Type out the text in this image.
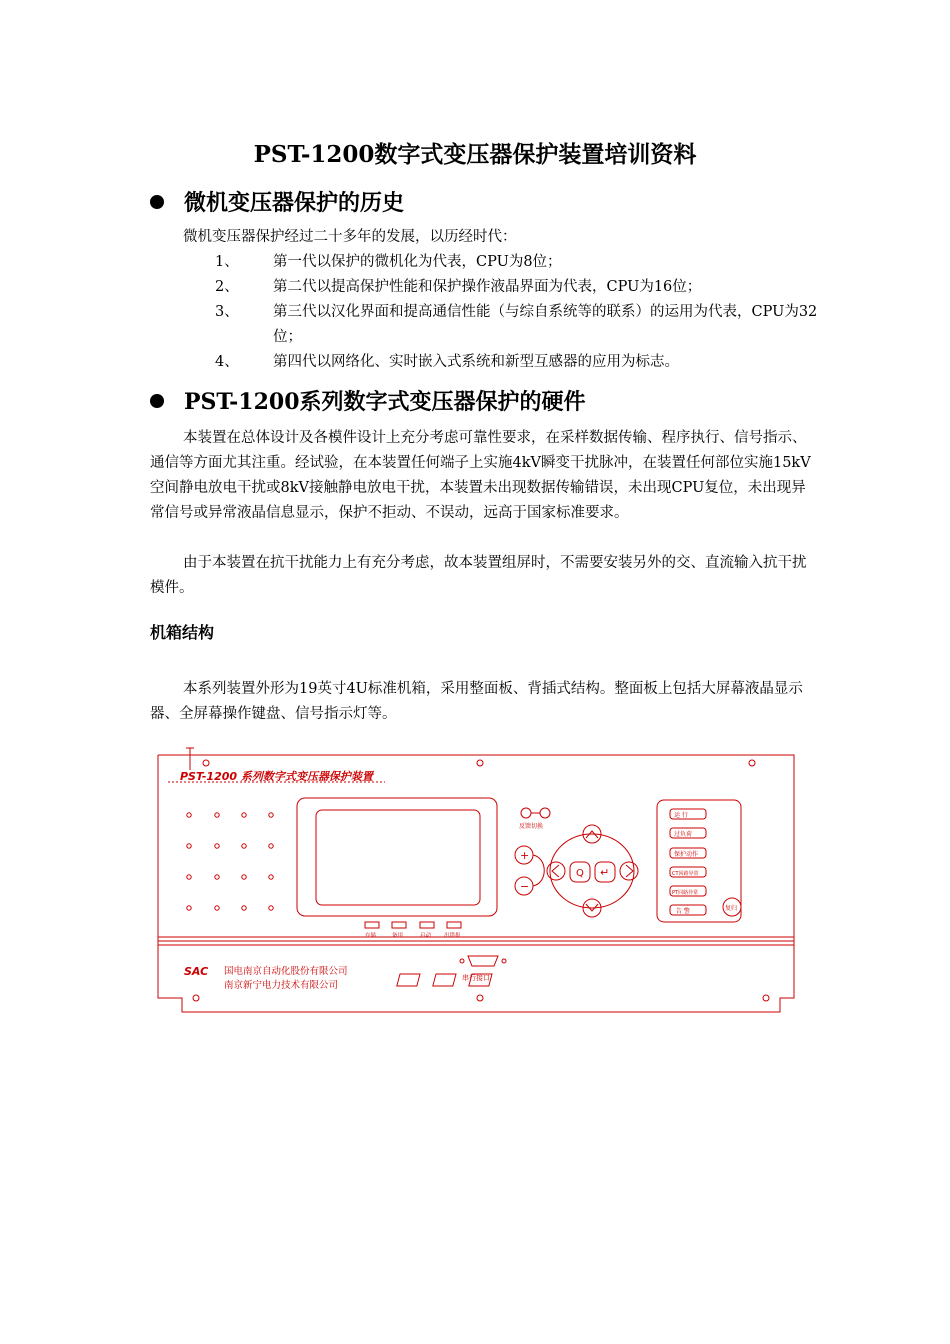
PST-1200数字式变压器保护装置培训资料
微机变压器保护的历史

微机变压器保护经过二十多年的发展，以历经时代：

1、 第一代以保护的微机化为代表，CPU为8位；
2、 第二代以提高保护性能和保护操作液晶界面为代表，CPU为16位；
3、 第三代以汉化界面和提高通信性能（与综自系统等的联系）的运用为代表，CPU为32位；
4、 第四代以网络化、实时嵌入式系统和新型互感器的应用为标志。
PST-1200系列数字式变压器保护的硬件

本装置在总体设计及各模件设计上充分考虑可靠性要求，在采样数据传输、程序执行、信号指示、通信等方面尤其注重。经试验，在本装置任何端子上实施4kV瞬变干扰脉冲，在装置任何部位实施15kV空间静电放电干扰或8kV接触静电放电干扰，本装置未出现数据传输错误，未出现CPU复位，未出现异常信号或异常液晶信息显示，保护不拒动、不误动，远高于国家标准要求。

由于本装置在抗干扰能力上有充分考虑，故本装置组屏时，不需要安装另外的交、直流输入抗干扰模件。

机箱结构

本系列装置外形为19英寸4U标准机箱，采用整面板、背插式结构。整面板上包括大屏幕液晶显示器、全屏幕操作键盘、信号指示灯等。

PST-1200 系列数字式变压器保护装置
存储	备用	启动 出错报
反馈切换
+
−
Q ↵
运 行
过负荷
保护动作
CT回路异常
PT回路异常
告 警	复归
串行接口
SAC 国电南京自动化股份有限公司
南京新宁电力技术有限公司
